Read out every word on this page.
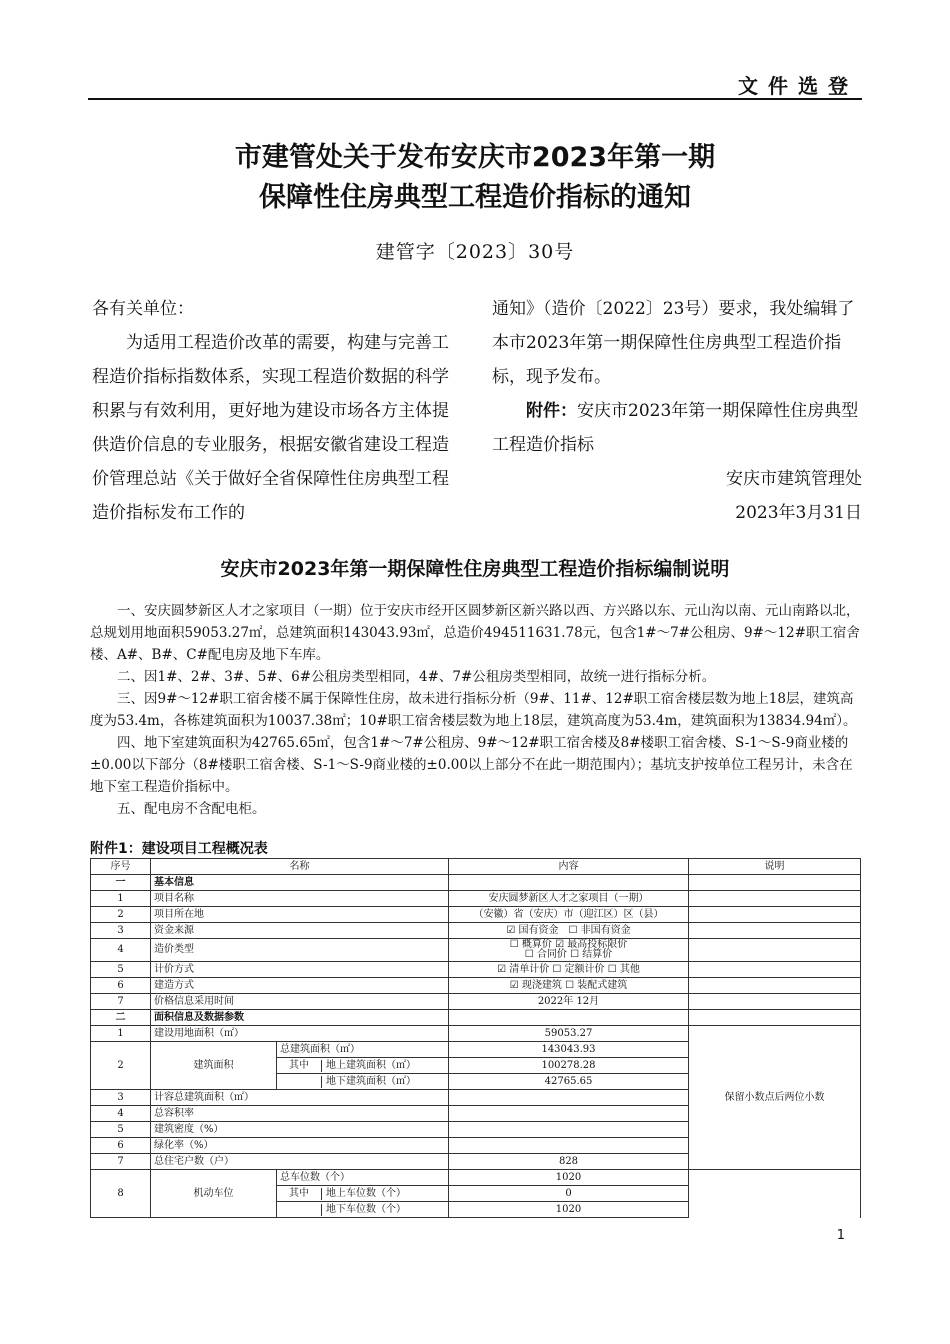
文件选登
市建管处关于发布安庆市2023年第一期
保障性住房典型工程造价指标的通知
建管字〔2023〕30号

各有关单位：

为适用工程造价改革的需要，构建与完善工程造价指标指数体系，实现工程造价数据的科学积累与有效利用，更好地为建设市场各方主体提供造价信息的专业服务，根据安徽省建设工程造价管理总站《关于做好全省保障性住房典型工程造价指标发布工作的

通知》（造价〔2022〕23号）要求，我处编辑了本市2023年第一期保障性住房典型工程造价指标，现予发布。

附件：安庆市2023年第一期保障性住房典型工程造价指标

安庆市建筑管理处

2023年3月31日

安庆市2023年第一期保障性住房典型工程造价指标编制说明

一、安庆圆梦新区人才之家项目（一期）位于安庆市经开区圆梦新区新兴路以西、方兴路以东、元山沟以南、元山南路以北，总规划用地面积59053.27㎡，总建筑面积143043.93㎡，总造价494511631.78元，包含1#～7#公租房、9#～12#职工宿舍楼、A#、B#、C#配电房及地下车库。

二、因1#、2#、3#、5#、6#公租房类型相同，4#、7#公租房类型相同，故统一进行指标分析。

三、因9#～12#职工宿舍楼不属于保障性住房，故未进行指标分析（9#、11#、12#职工宿舍楼层数为地上18层，建筑高度为53.4m，各栋建筑面积为10037.38㎡；10#职工宿舍楼层数为地上18层，建筑高度为53.4m，建筑面积为13834.94㎡）。

四、地下室建筑面积为42765.65㎡，包含1#～7#公租房、9#～12#职工宿舍楼及8#楼职工宿舍楼、S-1～S-9商业楼的±0.00以下部分（8#楼职工宿舍楼、S-1～S-9商业楼的±0.00以上部分不在此一期范围内）；基坑支护按单位工程另计，未含在地下室工程造价指标中。

五、配电房不含配电柜。

附件1：建设项目工程概况表
序号	名称		内容	说明	
一	基本信息				
1	项目名称		安庆圆梦新区人才之家项目（一期）		
2	项目所在地		（安徽）省（安庆）市（迎江区）区（县）		
3	资金来源		☑ 国有资金　☐ 非国有资金		
4	造价类型		☐ 概算价 ☑ 最高投标限价
☐ 合同价 ☐ 结算价		

5	计价方式		☑ 清单计价 ☐ 定额计价 ☐ 其他		
6	建造方式		☑ 现浇建筑 ☐ 装配式建筑		
7	价格信息采用时间		2022年 12月		
二	面积信息及数据参数				
1	建设用地面积（㎡）		59053.27	保留小数点后两位小数	
2	建筑面积	总建筑面积（㎡）	143043.93		
		其中 地上建筑面积（㎡）	100278.28		
		地下建筑面积（㎡）	42765.65		
3	计容总建筑面积（㎡）				
4	总容积率				
5	建筑密度（%）				
6	绿化率（%）				
7	总住宅户数（户）		828	
8	机动车位	总车位数（个）	1020		
		其中 地上车位数（个）	0		
		地下车位数（个）	1020		
1
